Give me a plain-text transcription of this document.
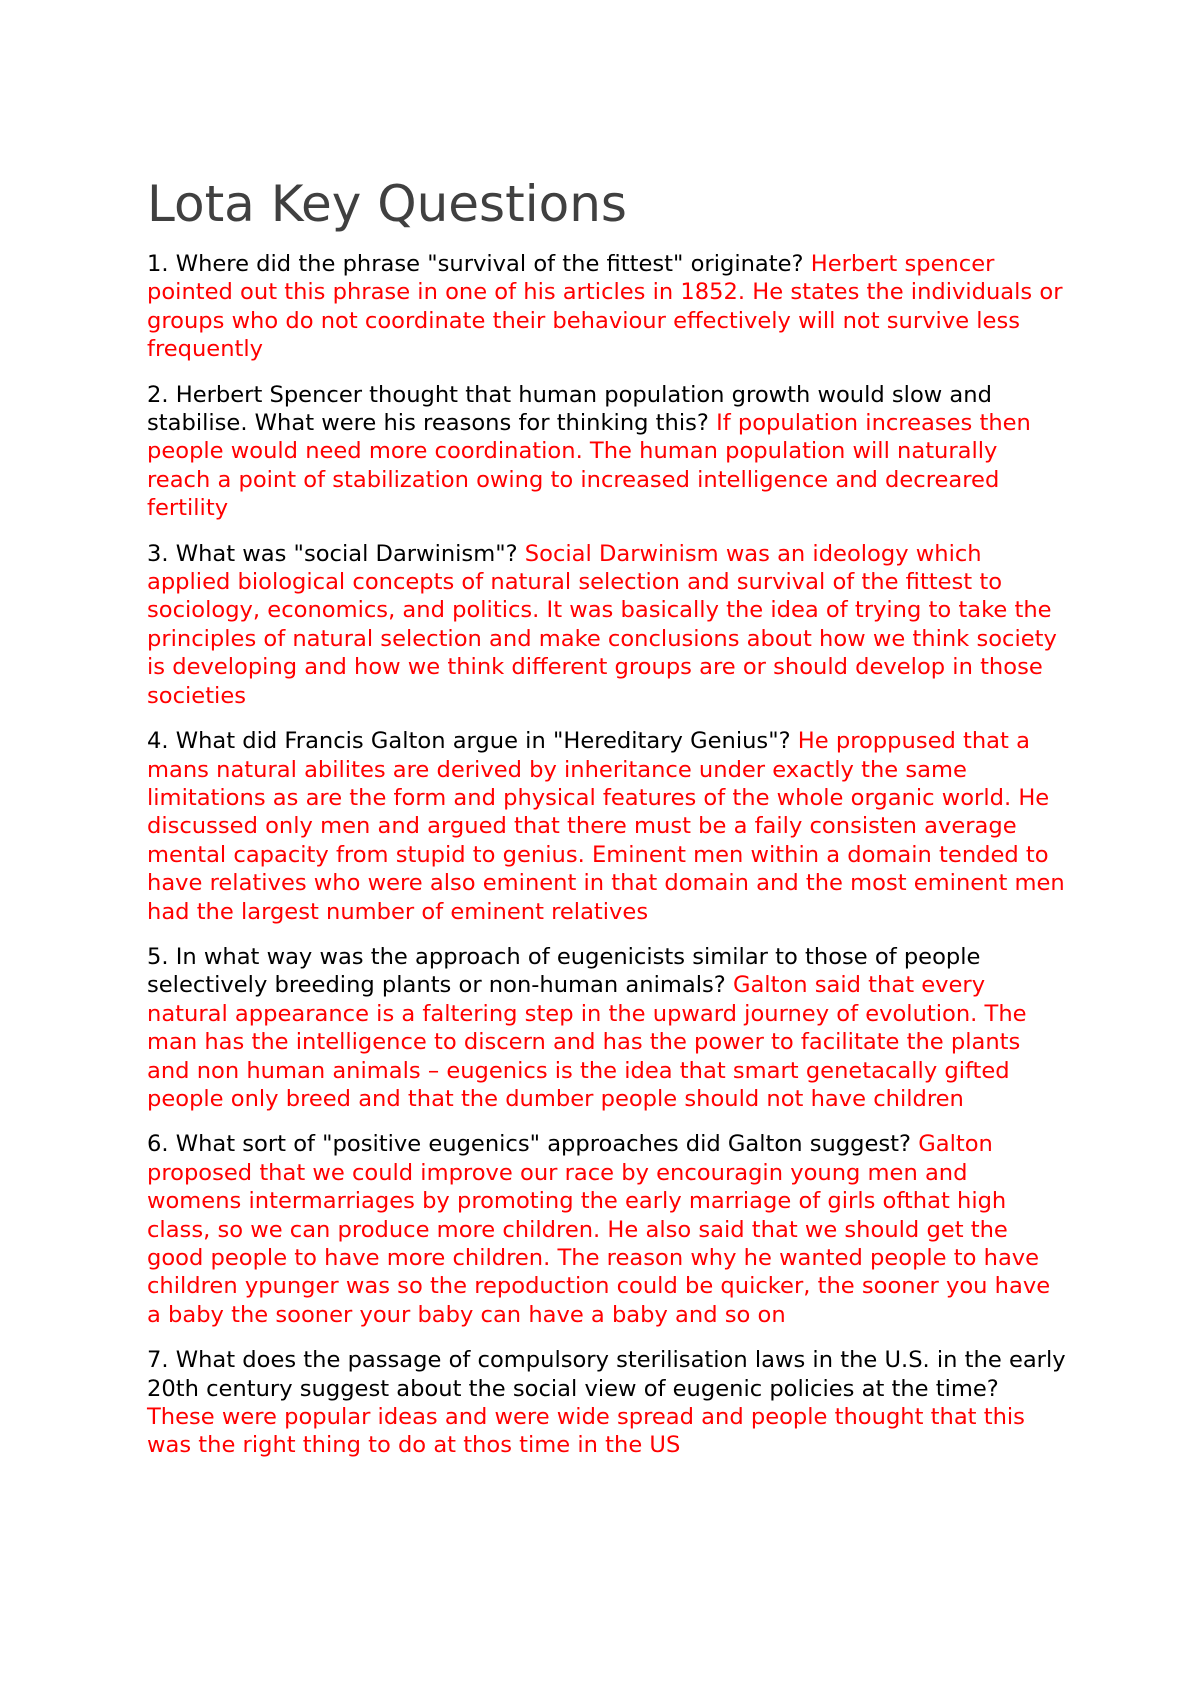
Lota Key Questions

1. Where did the phrase "survival of the fittest" originate? Herbert spencer pointed out this phrase in one of his articles in 1852. He states the individuals or groups who do not coordinate their behaviour effectively will not survive less frequently

2. Herbert Spencer thought that human population growth would slow and stabilise. What were his reasons for thinking this? If population increases then people would need more coordination. The human population will naturally reach a point of stabilization owing to increased intelligence and decreared fertility

3. What was "social Darwinism"? Social Darwinism was an ideology which applied biological concepts of natural selection and survival of the fittest to sociology, economics, and politics. It was basically the idea of trying to take the principles of natural selection and make conclusions about how we think society is developing and how we think different groups are or should develop in those societies

4. What did Francis Galton argue in "Hereditary Genius"? He proppused that a mans natural abilites are derived by inheritance under exactly the same limitations as are the form and physical features of the whole organic world. He discussed only men and argued that there must be a faily consisten average mental capacity from stupid to genius. Eminent men within a domain tended to have relatives who were also eminent in that domain and the most eminent men had the largest number of eminent relatives

5. In what way was the approach of eugenicists similar to those of people selectively breeding plants or non-human animals? Galton said that every natural appearance is a faltering step in the upward journey of evolution. The man has the intelligence to discern and has the power to facilitate the plants and non human animals – eugenics is the idea that smart genetacally gifted people only breed and that the dumber people should not have children

6. What sort of "positive eugenics" approaches did Galton suggest? Galton proposed that we could improve our race by encouragin young men and womens intermarriages by promoting the early marriage of girls ofthat high class, so we can produce more children. He also said that we should get the good people to have more children. The reason why he wanted people to have children ypunger was so the repoduction could be quicker, the sooner you have a baby the sooner your baby can have a baby and so on

7. What does the passage of compulsory sterilisation laws in the U.S. in the early 20th century suggest about the social view of eugenic policies at the time? These were popular ideas and were wide spread and people thought that this was the right thing to do at thos time in the US
